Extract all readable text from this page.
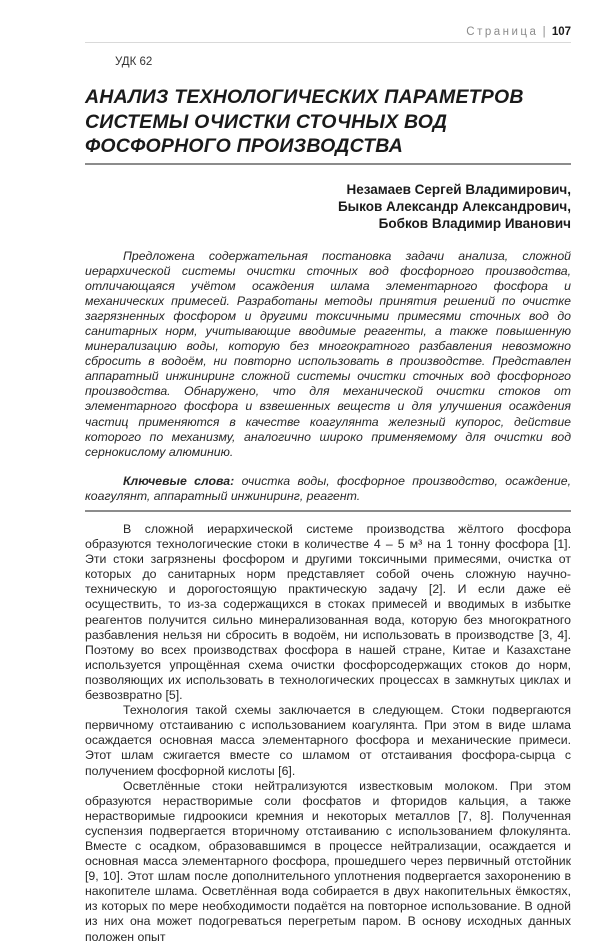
Страница | 107
УДК 62
АНАЛИЗ ТЕХНОЛОГИЧЕСКИХ ПАРАМЕТРОВ СИСТЕМЫ ОЧИСТКИ СТОЧНЫХ ВОД ФОСФОРНОГО ПРОИЗВОДСТВА
Незамаев Сергей Владимирович,
Быков Александр Александрович,
Бобков Владимир Иванович
Предложена содержательная постановка задачи анализа, сложной иерархической системы очистки сточных вод фосфорного производства, отличающаяся учётом осаждения шлама элементарного фосфора и механических примесей. Разработаны методы принятия решений по очистке загрязненных фосфором и другими токсичными примесями сточных вод до санитарных норм, учитывающие вводимые реагенты, а также повышенную минерализацию воды, которую без многократного разбавления невозможно сбросить в водоём, ни повторно использовать в производстве. Представлен аппаратный инжиниринг сложной системы очистки сточных вод фосфорного производства. Обнаружено, что для механической очистки стоков от элементарного фосфора и взвешенных веществ и для улучшения осаждения частиц применяются в качестве коагулянта железный купорос, действие которого по механизму, аналогично широко применяемому для очистки вод сернокислому алюминию.
Ключевые слова: очистка воды, фосфорное производство, осаждение, коагулянт, аппаратный инжиниринг, реагент.

В сложной иерархической системе производства жёлтого фосфора образуются технологические стоки в количестве 4 – 5 м³ на 1 тонну фосфора [1]. Эти стоки загрязнены фосфором и другими токсичными примесями, очистка от которых до санитарных норм представляет собой очень сложную научно-техническую и дорогостоящую практическую задачу [2]. И если даже её осуществить, то из-за содержащихся в стоках примесей и вводимых в избытке реагентов получится сильно минерализованная вода, которую без многократного разбавления нельзя ни сбросить в водоём, ни использовать в производстве [3, 4]. Поэтому во всех производствах фосфора в нашей стране, Китае и Казахстане используется упрощённая схема очистки фосфорсодержащих стоков до норм, позволяющих их использовать в технологических процессах в замкнутых циклах и безвозвратно [5].

Технология такой схемы заключается в следующем. Стоки подвергаются первичному отстаиванию с использованием коагулянта. При этом в виде шлама осаждается основная масса элементарного фосфора и механические примеси. Этот шлам сжигается вместе со шламом от отстаивания фосфора-сырца с получением фосфорной кислоты [6].

Осветлённые стоки нейтрализуются известковым молоком. При этом образуются нерастворимые соли фосфатов и фторидов кальция, а также нерастворимые гидроокиси кремния и некоторых металлов [7, 8]. Полученная суспензия подвергается вторичному отстаиванию с использованием флокулянта. Вместе с осадком, образовавшимся в процессе нейтрализации, осаждается и основная масса элементарного фосфора, прошедшего через первичный отстойник [9, 10]. Этот шлам после дополнительного уплотнения подвергается захоронению в накопителе шлама. Осветлённая вода собирается в двух накопительных ёмкостях, из которых по мере необходимости подаётся на повторное использование. В одной из них она может подогреваться перегретым паром. В основу исходных данных положен опыт
